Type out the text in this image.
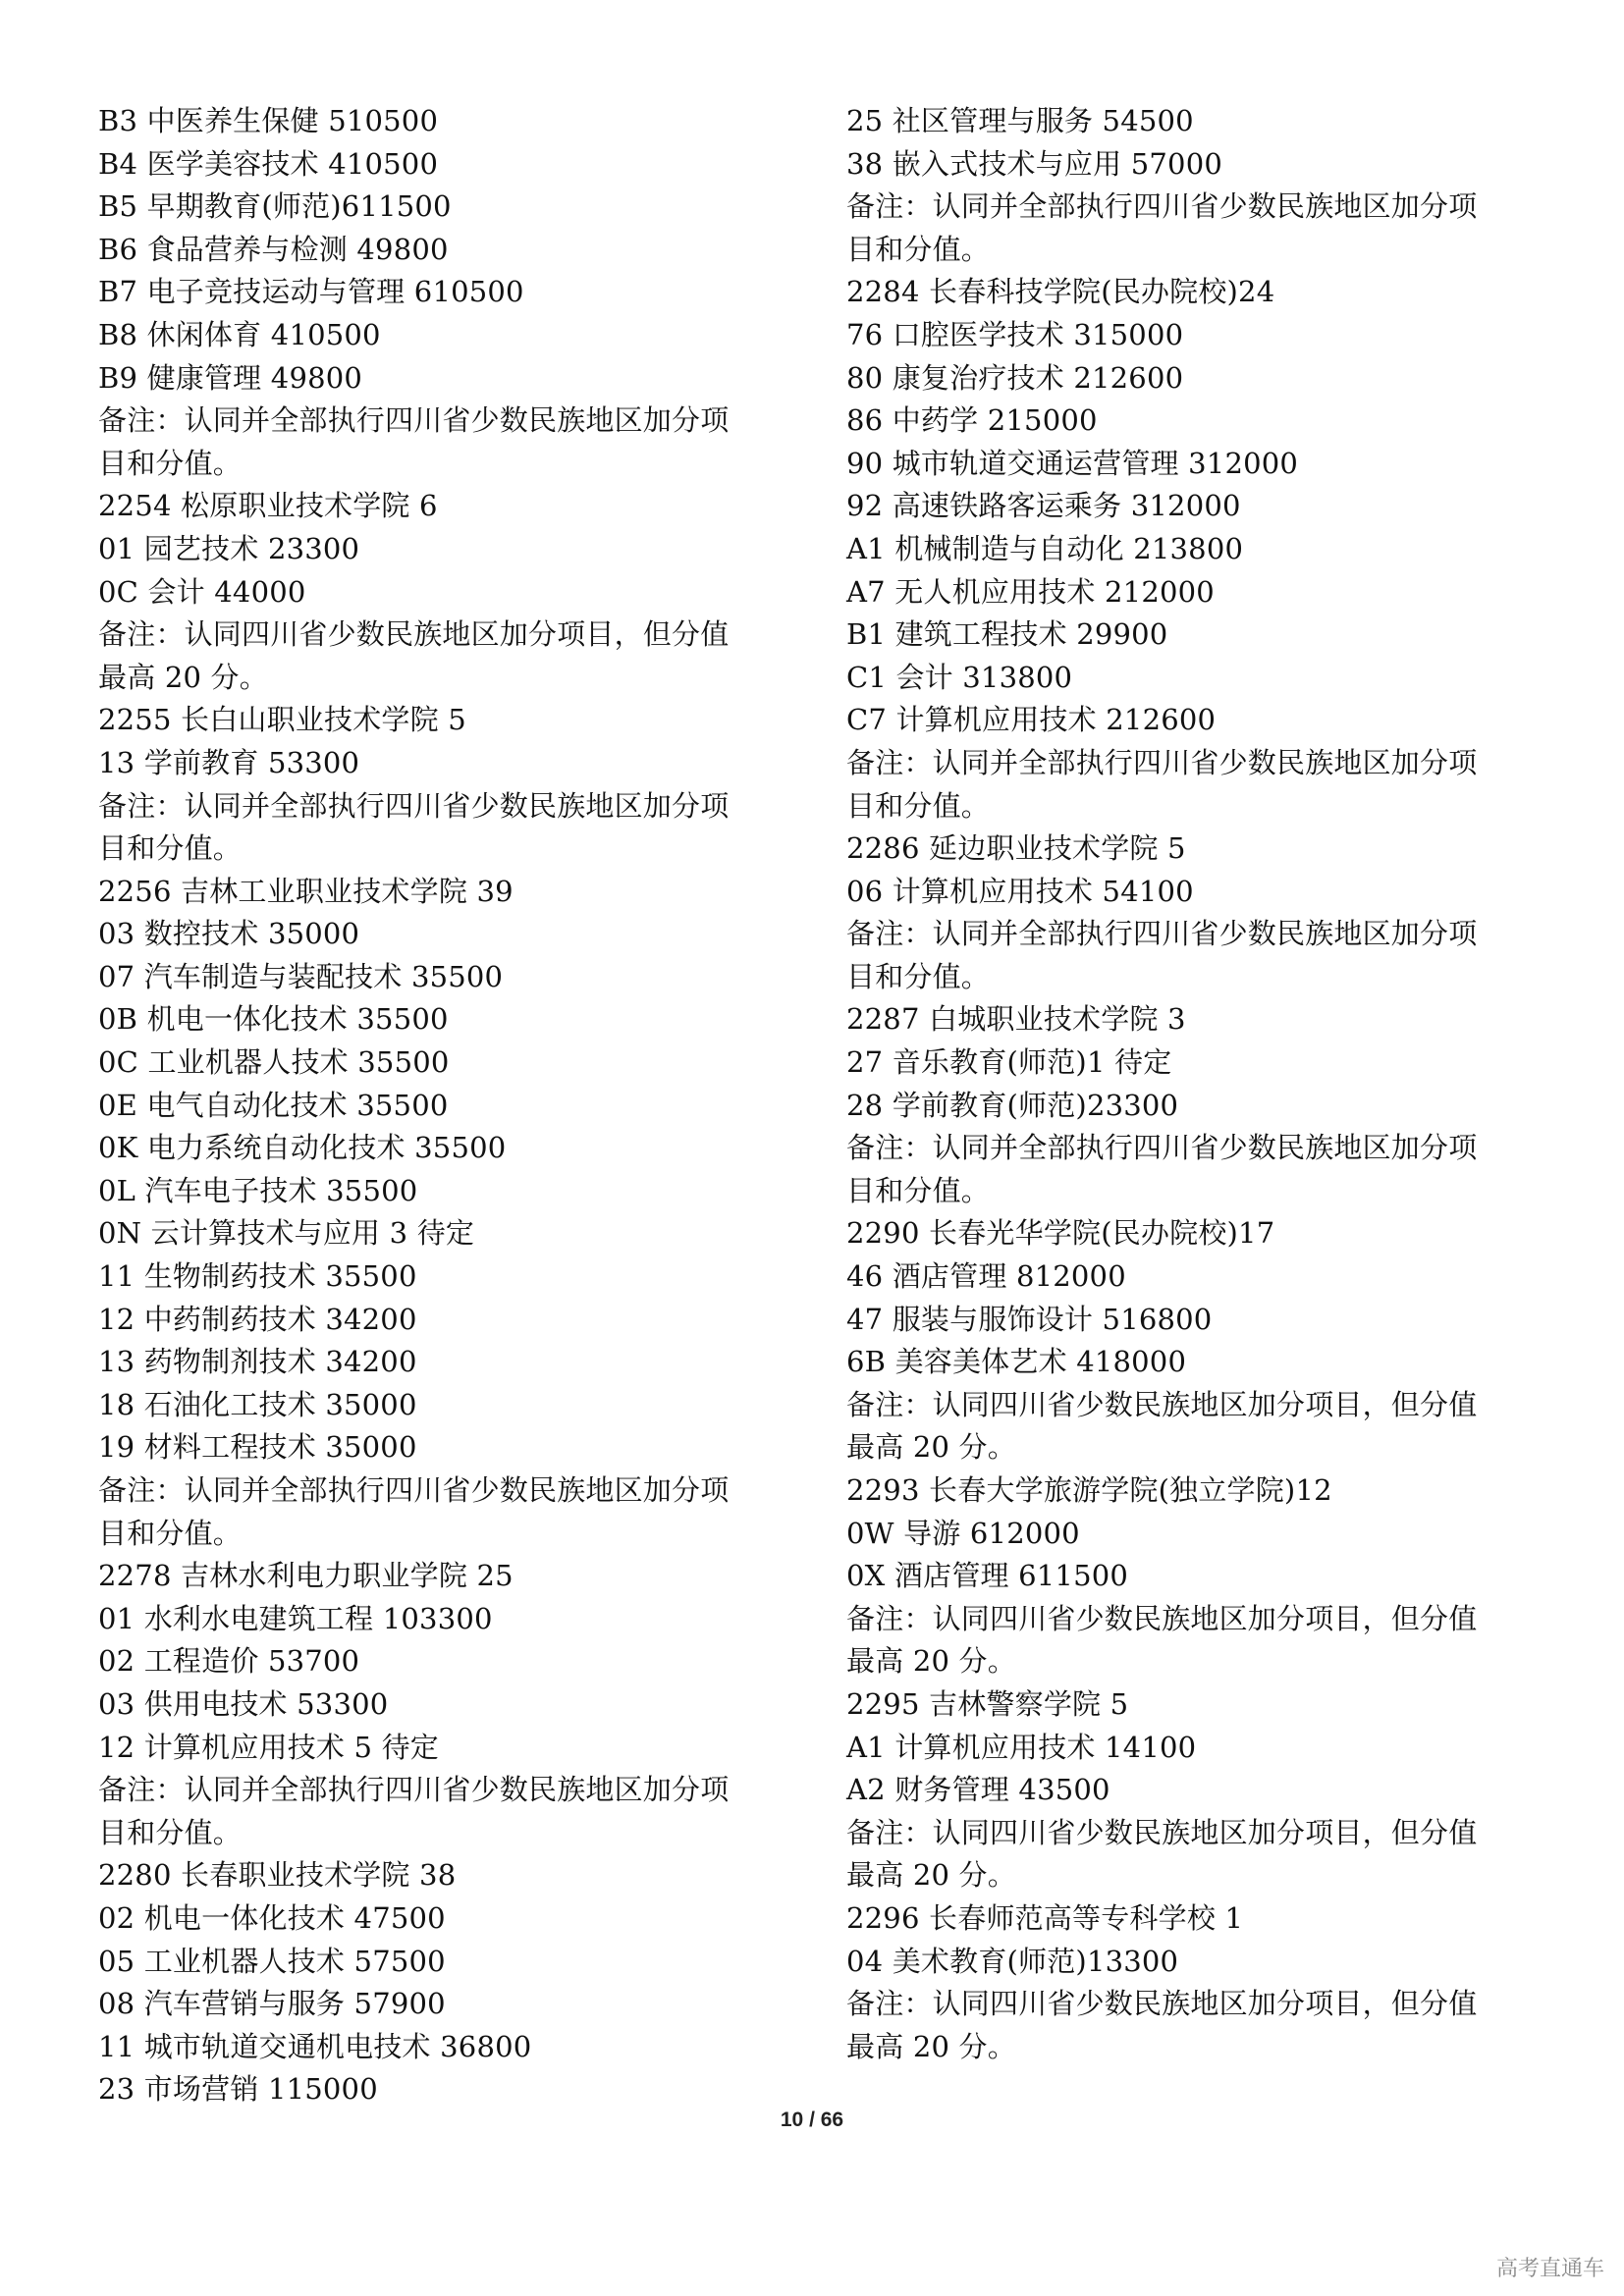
B3 中医养生保健 510500
B4 医学美容技术 410500
B5 早期教育(师范)611500
B6 食品营养与检测 49800
B7 电子竞技运动与管理 610500
B8 休闲体育 410500
B9 健康管理 49800
备注：认同并全部执行四川省少数民族地区加分项
目和分值。
2254 松原职业技术学院 6
01 园艺技术 23300
0C 会计 44000
备注：认同四川省少数民族地区加分项目，但分值
最高 20 分。
2255 长白山职业技术学院 5
13 学前教育 53300
备注：认同并全部执行四川省少数民族地区加分项
目和分值。
2256 吉林工业职业技术学院 39
03 数控技术 35000
07 汽车制造与装配技术 35500
0B 机电一体化技术 35500
0C 工业机器人技术 35500
0E 电气自动化技术 35500
0K 电力系统自动化技术 35500
0L 汽车电子技术 35500
0N 云计算技术与应用 3 待定
11 生物制药技术 35500
12 中药制药技术 34200
13 药物制剂技术 34200
18 石油化工技术 35000
19 材料工程技术 35000
备注：认同并全部执行四川省少数民族地区加分项
目和分值。
2278 吉林水利电力职业学院 25
01 水利水电建筑工程 103300
02 工程造价 53700
03 供用电技术 53300
12 计算机应用技术 5 待定
备注：认同并全部执行四川省少数民族地区加分项
目和分值。
2280 长春职业技术学院 38
02 机电一体化技术 47500
05 工业机器人技术 57500
08 汽车营销与服务 57900
11 城市轨道交通机电技术 36800
23 市场营销 115000
25 社区管理与服务 54500
38 嵌入式技术与应用 57000
备注：认同并全部执行四川省少数民族地区加分项
目和分值。
2284 长春科技学院(民办院校)24
76 口腔医学技术 315000
80 康复治疗技术 212600
86 中药学 215000
90 城市轨道交通运营管理 312000
92 高速铁路客运乘务 312000
A1 机械制造与自动化 213800
A7 无人机应用技术 212000
B1 建筑工程技术 29900
C1 会计 313800
C7 计算机应用技术 212600
备注：认同并全部执行四川省少数民族地区加分项
目和分值。
2286 延边职业技术学院 5
06 计算机应用技术 54100
备注：认同并全部执行四川省少数民族地区加分项
目和分值。
2287 白城职业技术学院 3
27 音乐教育(师范)1 待定
28 学前教育(师范)23300
备注：认同并全部执行四川省少数民族地区加分项
目和分值。
2290 长春光华学院(民办院校)17
46 酒店管理 812000
47 服装与服饰设计 516800
6B 美容美体艺术 418000
备注：认同四川省少数民族地区加分项目，但分值
最高 20 分。
2293 长春大学旅游学院(独立学院)12
0W 导游 612000
0X 酒店管理 611500
备注：认同四川省少数民族地区加分项目，但分值
最高 20 分。
2295 吉林警察学院 5
A1 计算机应用技术 14100
A2 财务管理 43500
备注：认同四川省少数民族地区加分项目，但分值
最高 20 分。
2296 长春师范高等专科学校 1
04 美术教育(师范)13300
备注：认同四川省少数民族地区加分项目，但分值
最高 20 分。
10 / 66
高考直通车
